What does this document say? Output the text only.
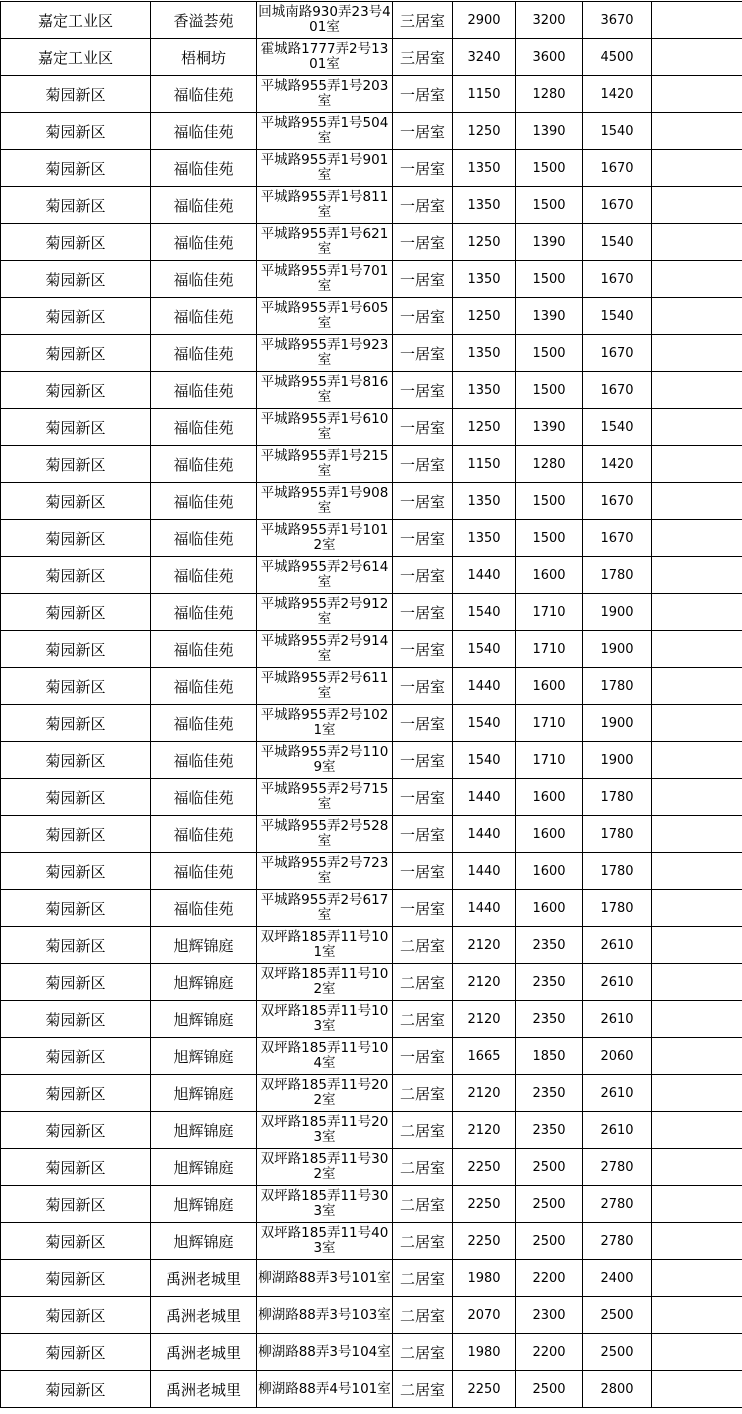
嘉定工业区	香溢荟苑	回城南路930弄23号401室	三居室	2900	3200	3670	
嘉定工业区	梧桐坊	霍城路1777弄2号1301室	三居室	3240	3600	4500	
菊园新区	福临佳苑	平城路955弄1号203室	一居室	1150	1280	1420	
菊园新区	福临佳苑	平城路955弄1号504室	一居室	1250	1390	1540	
菊园新区	福临佳苑	平城路955弄1号901室	一居室	1350	1500	1670	
菊园新区	福临佳苑	平城路955弄1号811室	一居室	1350	1500	1670	
菊园新区	福临佳苑	平城路955弄1号621室	一居室	1250	1390	1540	
菊园新区	福临佳苑	平城路955弄1号701室	一居室	1350	1500	1670	
菊园新区	福临佳苑	平城路955弄1号605室	一居室	1250	1390	1540	
菊园新区	福临佳苑	平城路955弄1号923室	一居室	1350	1500	1670	
菊园新区	福临佳苑	平城路955弄1号816室	一居室	1350	1500	1670	
菊园新区	福临佳苑	平城路955弄1号610室	一居室	1250	1390	1540	
菊园新区	福临佳苑	平城路955弄1号215室	一居室	1150	1280	1420	
菊园新区	福临佳苑	平城路955弄1号908室	一居室	1350	1500	1670	
菊园新区	福临佳苑	平城路955弄1号1012室	一居室	1350	1500	1670	
菊园新区	福临佳苑	平城路955弄2号614室	一居室	1440	1600	1780	
菊园新区	福临佳苑	平城路955弄2号912室	一居室	1540	1710	1900	
菊园新区	福临佳苑	平城路955弄2号914室	一居室	1540	1710	1900	
菊园新区	福临佳苑	平城路955弄2号611室	一居室	1440	1600	1780	
菊园新区	福临佳苑	平城路955弄2号1021室	一居室	1540	1710	1900	
菊园新区	福临佳苑	平城路955弄2号1109室	一居室	1540	1710	1900	
菊园新区	福临佳苑	平城路955弄2号715室	一居室	1440	1600	1780	
菊园新区	福临佳苑	平城路955弄2号528室	一居室	1440	1600	1780	
菊园新区	福临佳苑	平城路955弄2号723室	一居室	1440	1600	1780	
菊园新区	福临佳苑	平城路955弄2号617室	一居室	1440	1600	1780	
菊园新区	旭辉锦庭	双坪路185弄11号101室	二居室	2120	2350	2610	
菊园新区	旭辉锦庭	双坪路185弄11号102室	二居室	2120	2350	2610	
菊园新区	旭辉锦庭	双坪路185弄11号103室	二居室	2120	2350	2610	
菊园新区	旭辉锦庭	双坪路185弄11号104室	一居室	1665	1850	2060	
菊园新区	旭辉锦庭	双坪路185弄11号202室	二居室	2120	2350	2610	
菊园新区	旭辉锦庭	双坪路185弄11号203室	二居室	2120	2350	2610	
菊园新区	旭辉锦庭	双坪路185弄11号302室	二居室	2250	2500	2780	
菊园新区	旭辉锦庭	双坪路185弄11号303室	二居室	2250	2500	2780	
菊园新区	旭辉锦庭	双坪路185弄11号403室	二居室	2250	2500	2780	
菊园新区	禹洲老城里	柳湖路88弄3号101室	二居室	1980	2200	2400	
菊园新区	禹洲老城里	柳湖路88弄3号103室	二居室	2070	2300	2500	
菊园新区	禹洲老城里	柳湖路88弄3号104室	二居室	1980	2200	2500	
菊园新区	禹洲老城里	柳湖路88弄4号101室	二居室	2250	2500	2800	
